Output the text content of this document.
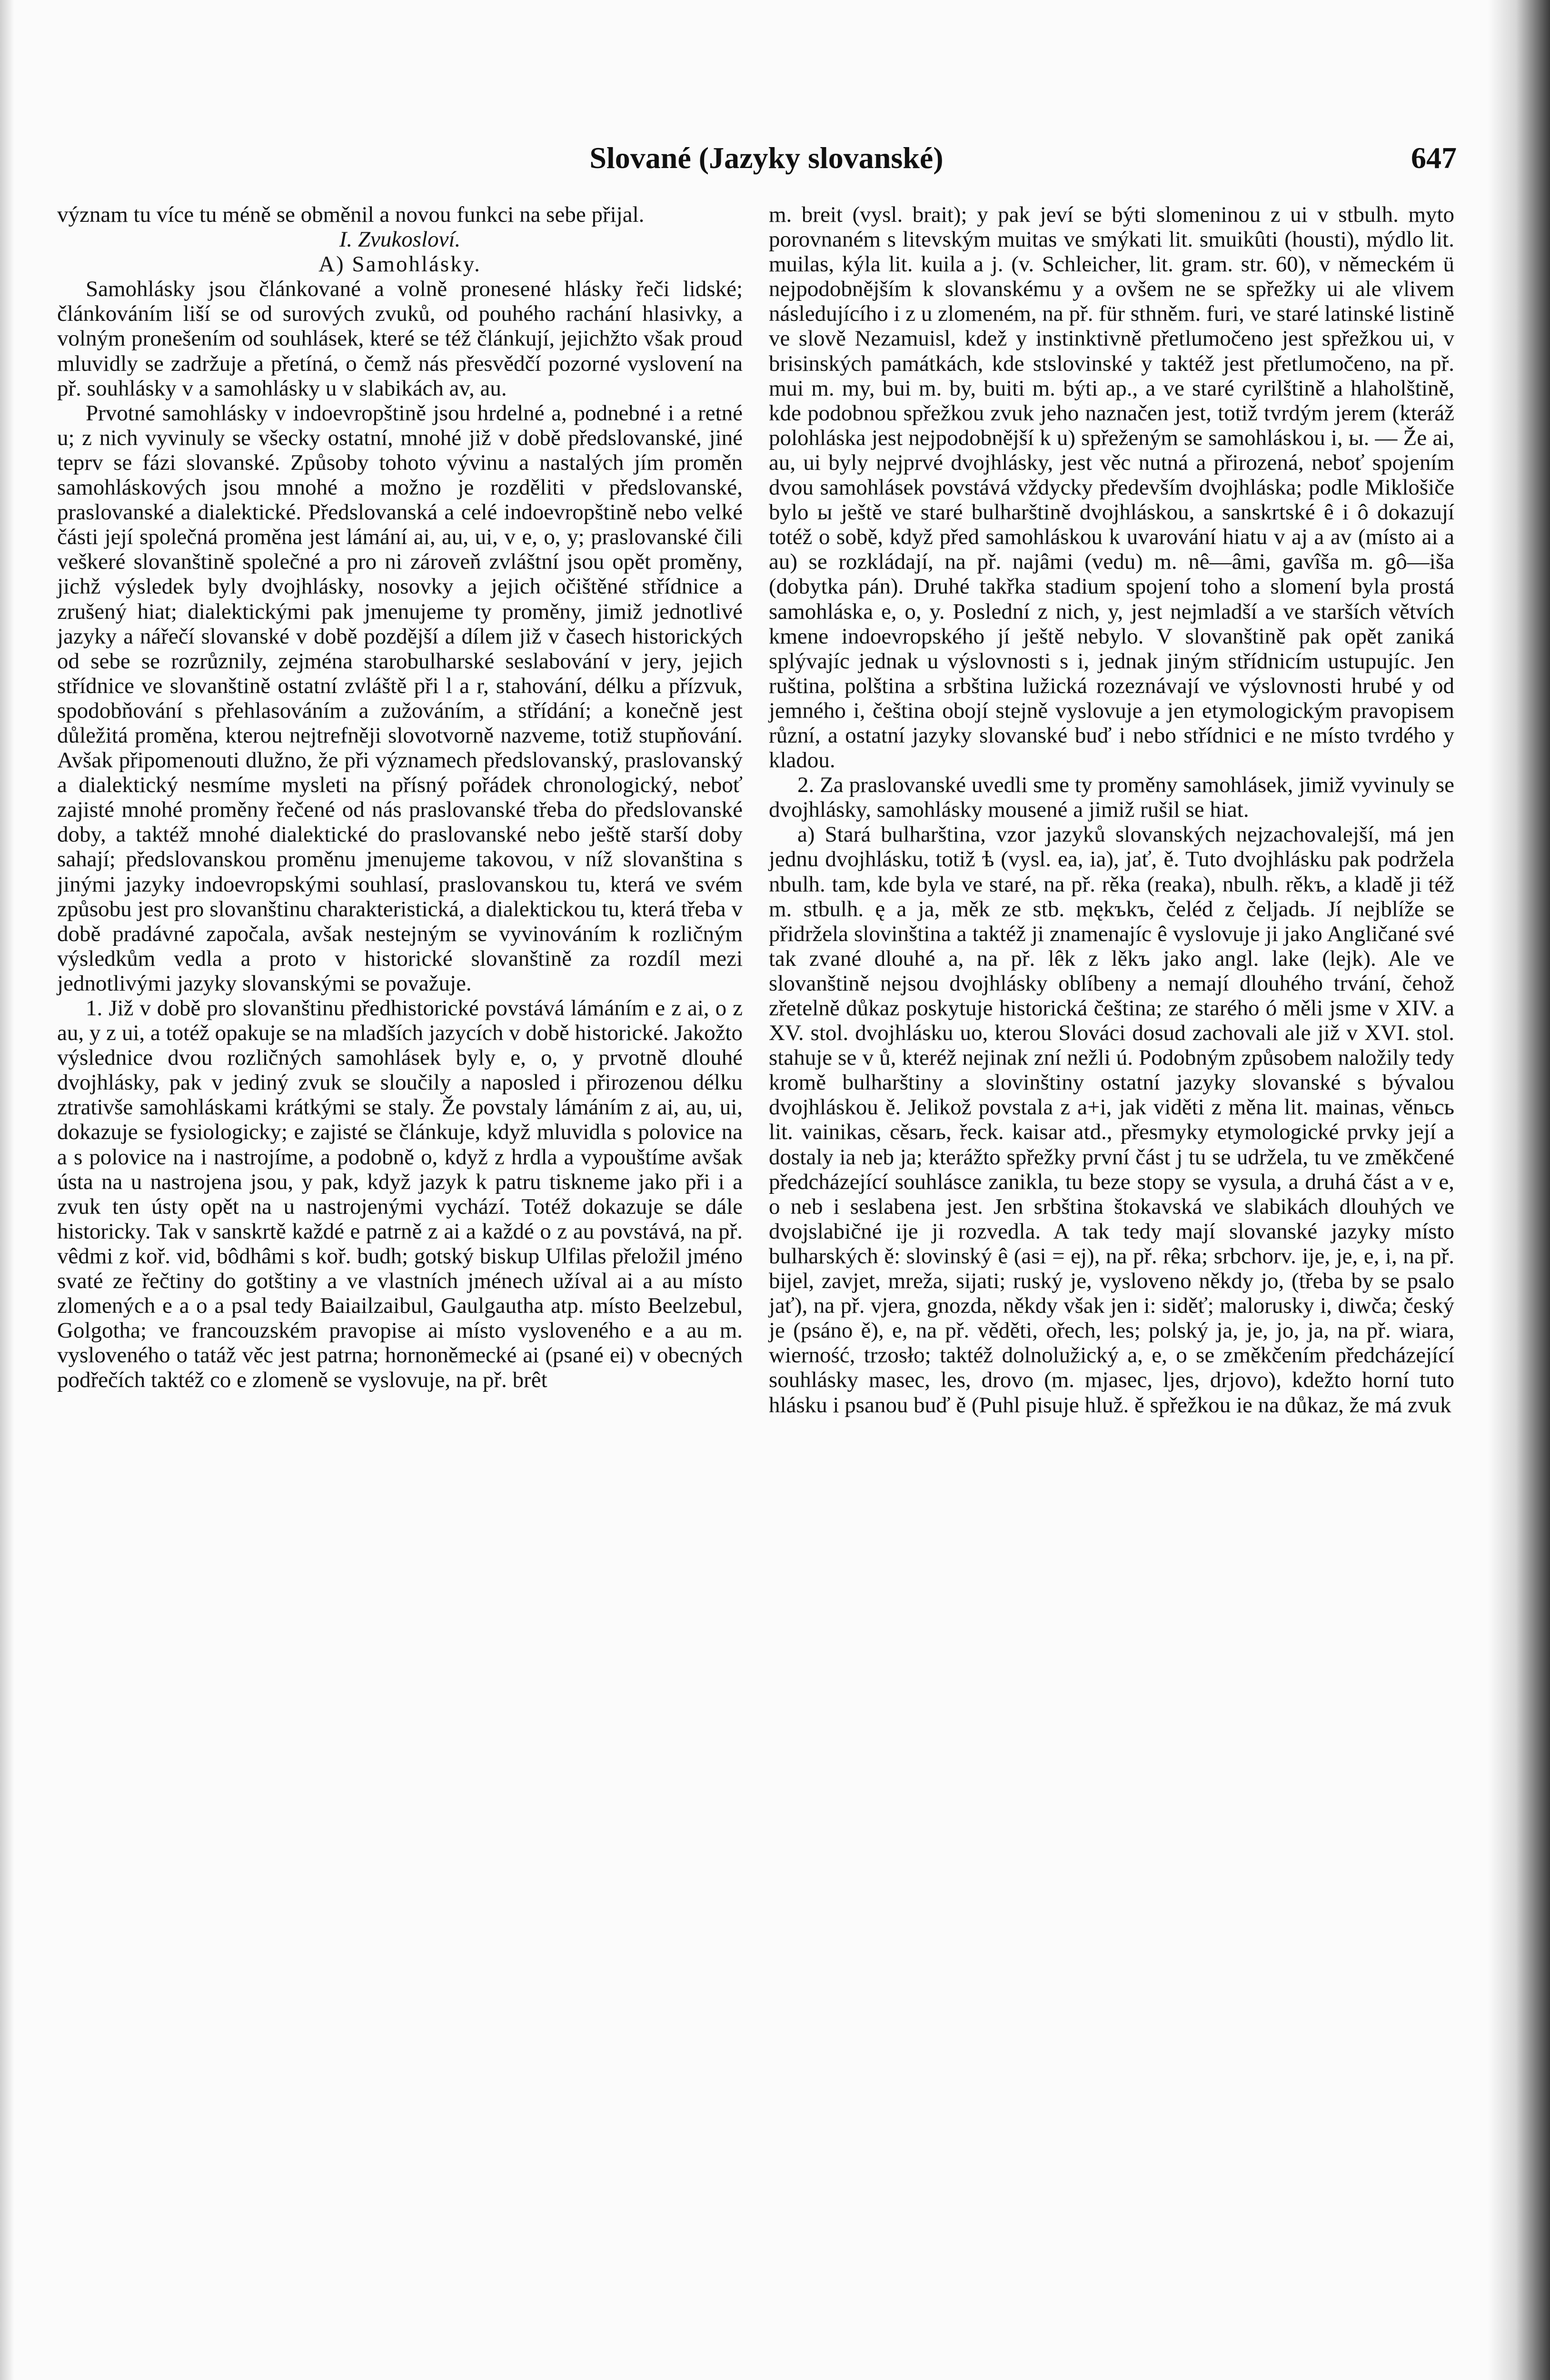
Slované (Jazyky slovanské)	647

význam tu více tu méně se obměnil a novou funkci na sebe přijal.

I. Zvukosloví.

A) Samohlásky.

Samohlásky jsou článkované a volně pronesené hlásky řeči lidské; článkováním liší se od surových zvuků, od pouhého rachání hlasivky, a volným pronešením od souhlásek, které se též článkují, jejichžto však proud mluvidly se zadržuje a přetíná, o čemž nás přesvědčí pozorné vyslovení na př. souhlásky v a samohlásky u v slabikách av, au.

Prvotné samohlásky v indoevropštině jsou hrdelné a, podnebné i a retné u; z nich vyvinuly se všecky ostatní, mnohé již v době předslovanské, jiné teprv se fázi slovanské. Způsoby tohoto vývinu a nastalých jím proměn samohláskových jsou mnohé a možno je rozděliti v předslovanské, praslovanské a dialektické. Předslovanská a celé indoevropštině nebo velké části její společná proměna jest lámání ai, au, ui, v e, o, y; praslovanské čili veškeré slovanštině společné a pro ni zároveň zvláštní jsou opět proměny, jichž výsledek byly dvojhlásky, nosovky a jejich očištěné střídnice a zrušený hiat; dialektickými pak jmenujeme ty proměny, jimiž jednotlivé jazyky a nářečí slovanské v době pozdější a dílem již v časech historických od sebe se rozrůznily, zejména starobulharské seslabování v jery, jejich střídnice ve slovanštině ostatní zvláště při l a r, stahování, délku a přízvuk, spodobňování s přehlasováním a zužováním, a střídání; a konečně jest důležitá proměna, kterou nejtrefněji slovotvorně nazveme, totiž stupňování. Avšak připomenouti dlužno, že při významech předslovanský, praslovanský a dialektický nesmíme mysleti na přísný pořádek chronologický, neboť zajisté mnohé proměny řečené od nás praslovanské třeba do předslovanské doby, a taktéž mnohé dialektické do praslovanské nebo ještě starší doby sahají; předslovanskou proměnu jmenujeme takovou, v níž slovanština s jinými jazyky indoevropskými souhlasí, praslovanskou tu, která ve svém způsobu jest pro slovanštinu charakteristická, a dialektickou tu, která třeba v době pradávné započala, avšak nestejným se vyvinováním k rozličným výsledkům vedla a proto v historické slovanštině za rozdíl mezi jednotlivými jazyky slovanskými se považuje.

1. Již v době pro slovanštinu předhistorické povstává lámáním e z ai, o z au, y z ui, a totéž opakuje se na mladších jazycích v době historické. Jakožto výslednice dvou rozličných samohlásek byly e, o, y prvotně dlouhé dvojhlásky, pak v jediný zvuk se sloučily a naposled i přirozenou délku ztrativše samohláskami krátkými se staly. Že povstaly lámáním z ai, au, ui, dokazuje se fysiologicky; e zajisté se článkuje, když mluvidla s polovice na a s polovice na i nastrojíme, a podobně o, když z hrdla a vypouštíme avšak ústa na u nastrojena jsou, y pak, když jazyk k patru tiskneme jako při i a zvuk ten ústy opět na u nastrojenými vychází. Totéž dokazuje se dále historicky. Tak v sanskrtě každé e patrně z ai a každé o z au povstává, na př. vêdmi z koř. vid, bôdhâmi s koř. budh; gotský biskup Ulfilas přeložil jméno svaté ze řečtiny do gotštiny a ve vlastních jménech užíval ai a au místo zlomených e a o a psal tedy Baiailzaibul, Gaulgautha atp. místo Beelzebul, Golgotha; ve francouzském pravopise ai místo vysloveného e a au m. vysloveného o tatáž věc jest patrna; hornoněmecké ai (psané ei) v obecných podřečích taktéž co e zlomeně se vyslovuje, na př. brêt

m. breit (vysl. brait); y pak jeví se býti slomeninou z ui v stbulh. myto porovnaném s litevským muitas ve smýkati lit. smuikûti (housti), mýdlo lit. muilas, kýla lit. kuila a j. (v. Schleicher, lit. gram. str. 60), v německém ü nejpodobnějším k slovanskému y a ovšem ne se spřežky ui ale vlivem následujícího i z u zlomeném, na př. für sthněm. furi, ve staré latinské listině ve slově Nezamuisl, kdež y instinktivně přetlumočeno jest spřežkou ui, v brisinských památkách, kde stslovinské y taktéž jest přetlumočeno, na př. mui m. my, bui m. by, buiti m. býti ap., a ve staré cyrilštině a hlaholštině, kde podobnou spřežkou zvuk jeho naznačen jest, totiž tvrdým jerem (kteráž polohláska jest nejpodobnější k u) spřeženým se samohláskou i, ы. — Že ai, au, ui byly nejprvé dvojhlásky, jest věc nutná a přirozená, neboť spojením dvou samohlásek povstává vždycky především dvojhláska; podle Miklošiče bylo ы ještě ve staré bulharštině dvojhláskou, a sanskrtské ê i ô dokazují totéž o sobě, když před samohláskou k uvarování hiatu v aj a av (místo ai a au) se rozkládají, na př. najâmi (vedu) m. nê—âmi, gavîša m. gô—iša (dobytka pán). Druhé takřka stadium spojení toho a slomení byla prostá samohláska e, o, y. Poslední z nich, y, jest nejmladší a ve starších větvích kmene indoevropského jí ještě nebylo. V slovanštině pak opět zaniká splývajíc jednak u výslovnosti s i, jednak jiným střídnicím ustupujíc. Jen ruština, polština a srbština lužická rozeznávají ve výslovnosti hrubé y od jemného i, čeština obojí stejně vyslovuje a jen etymologickým pravopisem různí, a ostatní jazyky slovanské buď i nebo střídnici e ne místo tvrdého y kladou.

2. Za praslovanské uvedli sme ty proměny samohlásek, jimiž vyvinuly se dvojhlásky, samohlásky mousené a jimiž rušil se hiat.

a) Stará bulharština, vzor jazyků slovanských nejzachovalejší, má jen jednu dvojhlásku, totiž ѣ (vysl. ea, ia), jať, ě. Tuto dvojhlásku pak podržela nbulh. tam, kde byla ve staré, na př. rěka (reaka), nbulh. rěkъ, a kladě ji též m. stbulh. ę a ja, měk ze stb. mękъkъ, čeléd z čeljadь. Jí nejblíže se přidržela slovinština a taktéž ji znamenajíc ê vyslovuje ji jako Angličané své tak zvané dlouhé a, na př. lêk z lěkъ jako angl. lake (lejk). Ale ve slovanštině nejsou dvojhlásky oblíbeny a nemají dlouhého trvání, čehož zřetelně důkaz poskytuje historická čeština; ze starého ó měli jsme v XIV. a XV. stol. dvojhlásku uo, kterou Slováci dosud zachovali ale již v XVI. stol. stahuje se v ů, kteréž nejinak zní nežli ú. Podobným způsobem naložily tedy kromě bulharštiny a slovinštiny ostatní jazyky slovanské s bývalou dvojhláskou ě. Jelikož povstala z a+i, jak viděti z měna lit. mainas, věnьсь lit. vainikas, cěsarь, řeck. kaisar atd., přesmyky etymologické prvky její a dostaly ia neb ja; kterážto spřežky první část j tu se udržela, tu ve změkčené předcházející souhlásce zanikla, tu beze stopy se vysula, a druhá část a v e, o neb i seslabena jest. Jen srbština štokavská ve slabikách dlouhých ve dvojslabičné ije ji rozvedla. A tak tedy mají slovanské jazyky místo bulharských ě: slovinský ê (asi = ej), na př. rêka; srbchorv. ije, je, e, i, na př. bijel, zavjet, mreža, sijati; ruský je, vysloveno někdy jo, (třeba by se psalo jať), na př. vjera, gnozda, někdy však jen i: siděť; malorusky i, diwča; český je (psáno ě), e, na př. věděti, ořech, les; polský ja, je, jo, ja, na př. wiara, wierność, trzosło; taktéž dolnolužický a, e, o se změkčením předcházející souhlásky masec, les, drovo (m. mjasec, ljes, drjovo), kdežto horní tuto hlásku i psanou buď ě (Puhl pisuje hluž. ě spřežkou ie na důkaz, že má zvuk
